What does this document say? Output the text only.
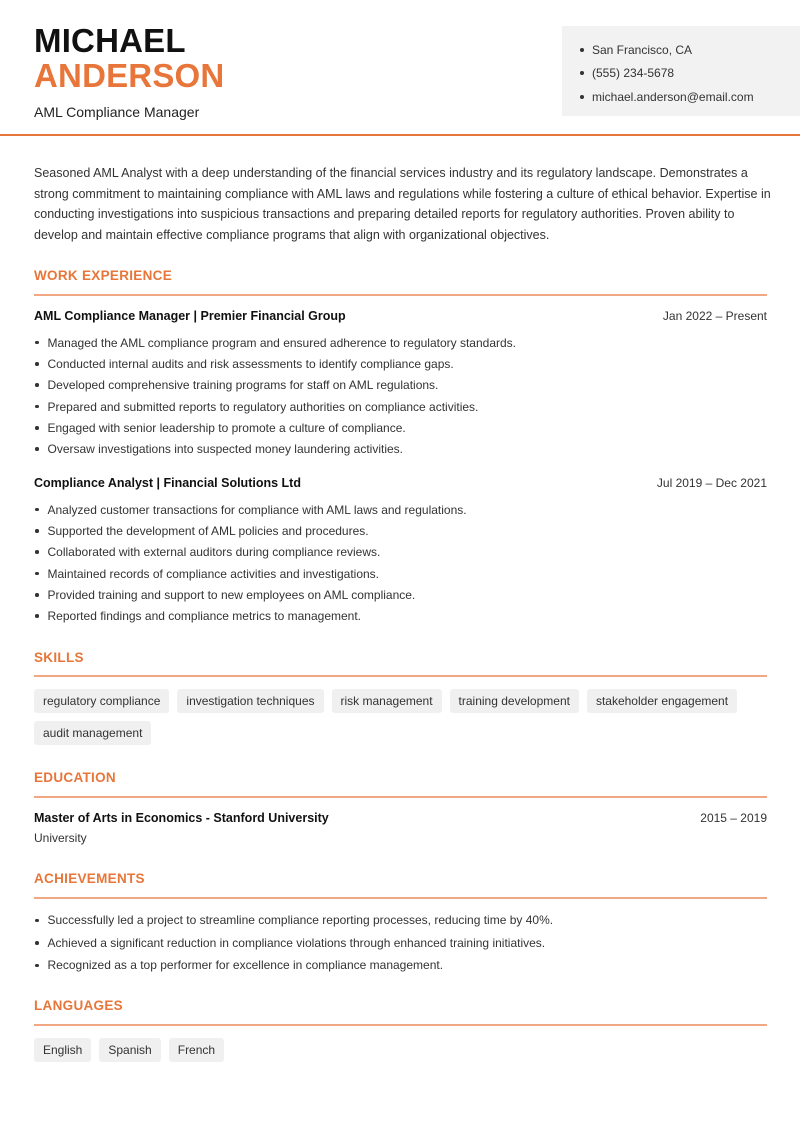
MICHAEL
ANDERSON
AML Compliance Manager
San Francisco, CA
(555) 234-5678
michael.anderson@email.com

Seasoned AML Analyst with a deep understanding of the financial services industry and its regulatory landscape. Demonstrates a strong commitment to maintaining compliance with AML laws and regulations while fostering a culture of ethical behavior. Expertise in conducting investigations into suspicious transactions and preparing detailed reports for regulatory authorities. Proven ability to develop and maintain effective compliance programs that align with organizational objectives.

WORK EXPERIENCE
AML Compliance Manager | Premier Financial Group	Jan 2022 – Present
Managed the AML compliance program and ensured adherence to regulatory standards.
Conducted internal audits and risk assessments to identify compliance gaps.
Developed comprehensive training programs for staff on AML regulations.
Prepared and submitted reports to regulatory authorities on compliance activities.
Engaged with senior leadership to promote a culture of compliance.
Oversaw investigations into suspected money laundering activities.
Compliance Analyst | Financial Solutions Ltd	Jul 2019 – Dec 2021
Analyzed customer transactions for compliance with AML laws and regulations.
Supported the development of AML policies and procedures.
Collaborated with external auditors during compliance reviews.
Maintained records of compliance activities and investigations.
Provided training and support to new employees on AML compliance.
Reported findings and compliance metrics to management.
SKILLS
regulatory compliance	investigation techniques	risk management	training development	stakeholder engagement
audit management
EDUCATION
Master of Arts in Economics - Stanford University	2015 – 2019
University
ACHIEVEMENTS
Successfully led a project to streamline compliance reporting processes, reducing time by 40%.
Achieved a significant reduction in compliance violations through enhanced training initiatives.
Recognized as a top performer for excellence in compliance management.
LANGUAGES
English	Spanish	French
